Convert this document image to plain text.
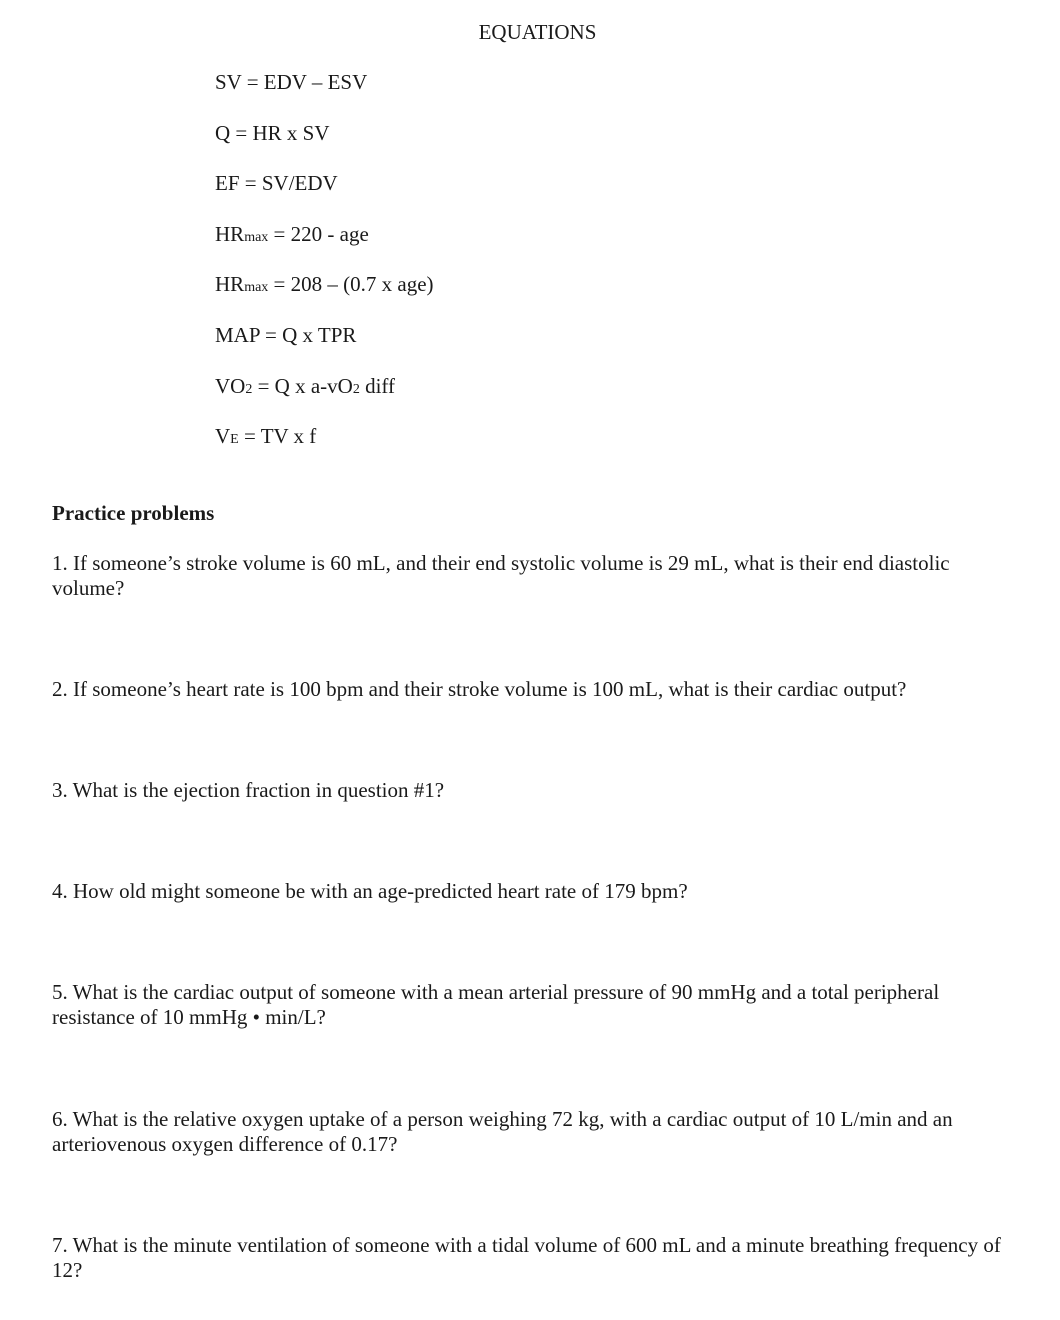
EQUATIONS
SV = EDV – ESV
Q = HR x SV
EF = SV/EDV
HRmax = 220 - age
HRmax = 208 – (0.7 x age)
MAP = Q x TPR
VO2 = Q x a-vO2 diff
VE = TV x f
Practice problems

1. If someone’s stroke volume is 60 mL, and their end systolic volume is 29 mL, what is their end diastolic volume?

2. If someone’s heart rate is 100 bpm and their stroke volume is 100 mL, what is their cardiac output?

3. What is the ejection fraction in question #1?

4. How old might someone be with an age-predicted heart rate of 179 bpm?

5. What is the cardiac output of someone with a mean arterial pressure of 90 mmHg and a total peripheral resistance of 10 mmHg • min/L?

6. What is the relative oxygen uptake of a person weighing 72 kg, with a cardiac output of 10 L/min and an arteriovenous oxygen difference of 0.17?

7. What is the minute ventilation of someone with a tidal volume of 600 mL and a minute breathing frequency of 12?
